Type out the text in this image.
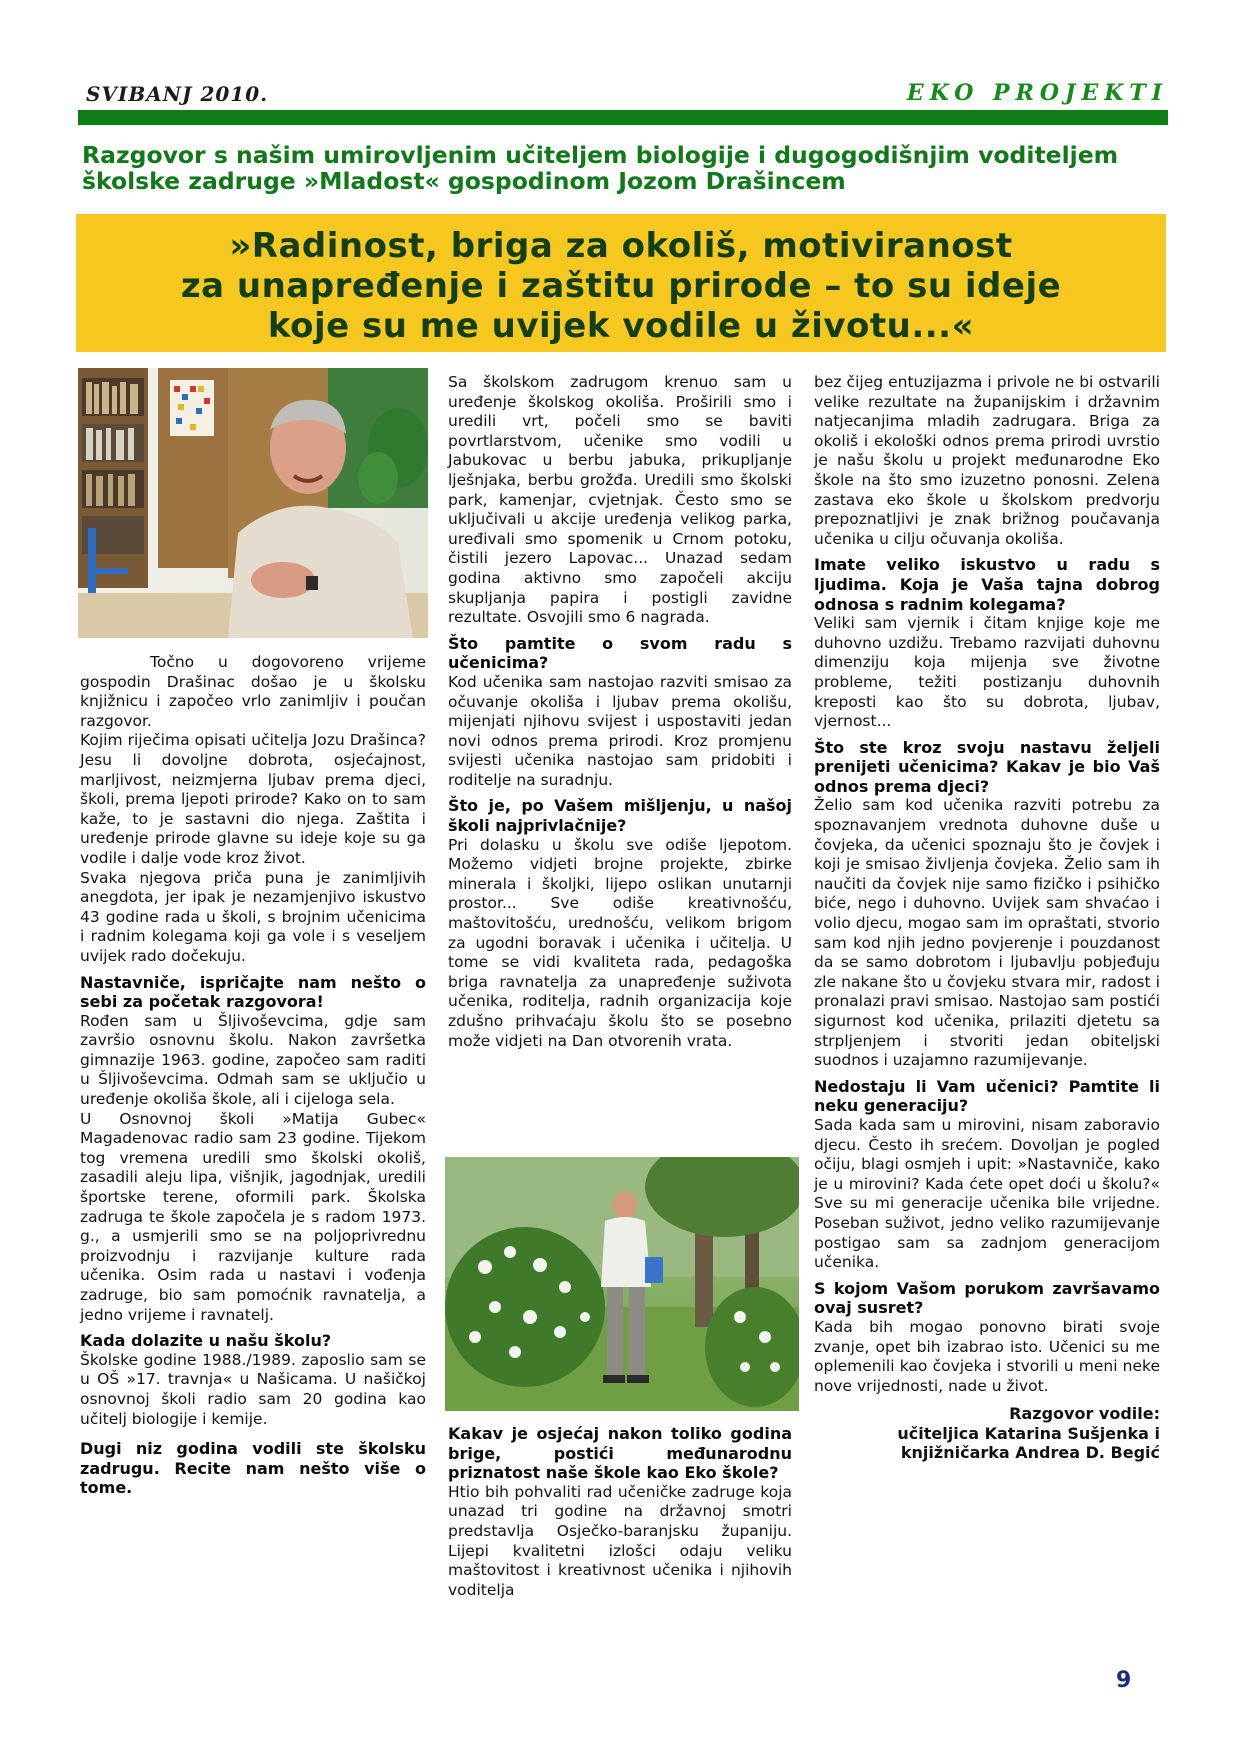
SVIBANJ 2010.	EKO PROJEKTI
Razgovor s našim umirovljenim učiteljem biologije i dugogodišnjim voditeljem školske zadruge »Mladost« gospodinom Jozom Drašincem
»Radinost, briga za okoliš, motiviranost
za unapređenje i zaštitu prirode – to su ideje
koje su me uvijek vodile u životu...«

Točno u dogovoreno vrijeme gospodin Drašinac došao je u školsku knjižnicu i započeo vrlo zanimljiv i poučan razgovor.

Kojim riječima opisati učitelja Jozu Drašinca? Jesu li dovoljne dobrota, osjećajnost, marljivost, neizmjerna ljubav prema djeci, školi, prema ljepoti prirode? Kako on to sam kaže, to je sastavni dio njega. Zaštita i uređenje prirode glavne su ideje koje su ga vodile i dalje vode kroz život.

Svaka njegova priča puna je zanimljivih anegdota, jer ipak je nezamjenjivo iskustvo 43 godine rada u školi, s brojnim učenicima i radnim kolegama koji ga vole i s veseljem uvijek rado dočekuju.

Nastavniče, ispričajte nam nešto o sebi za početak razgovora!

Rođen sam u Šljivoševcima, gdje sam završio osnovnu školu. Nakon završetka gimnazije 1963. godine, započeo sam raditi u Šljivoševcima. Odmah sam se uključio u uređenje okoliša škole, ali i cijeloga sela.

U Osnovnoj školi »Matija Gubec« Magadenovac radio sam 23 godine. Tijekom tog vremena uredili smo školski okoliš, zasadili aleju lipa, višnjik, jagodnjak, uredili športske terene, oformili park. Školska zadruga te škole započela je s radom 1973. g., a usmjerili smo se na poljoprivrednu proizvodnju i razvijanje kulture rada učenika. Osim rada u nastavi i vođenja zadruge, bio sam pomoćnik ravnatelja, a jedno vrijeme i ravnatelj.

Kada dolazite u našu školu?

Školske godine 1988./1989. zaposlio sam se u OŠ »17. travnja« u Našicama. U našičkoj osnovnoj školi radio sam 20 godina kao učitelj biologije i kemije.

Dugi niz godina vodili ste školsku zadrugu. Recite nam nešto više o tome.

Sa školskom zadrugom krenuo sam u uređenje školskog okoliša. Proširili smo i uredili vrt, počeli smo se baviti povrtlarstvom, učenike smo vodili u Jabukovac u berbu jabuka, prikupljanje lješnjaka, berbu grožđa. Uredili smo školski park, kamenjar, cvjetnjak. Često smo se uključivali u akcije uređenja velikog parka, uređivali smo spomenik u Crnom potoku, čistili jezero Lapovac... Unazad sedam godina aktivno smo započeli akciju skupljanja papira i postigli zavidne rezultate. Osvojili smo 6 nagrada.

Što pamtite o svom radu s učenicima?

Kod učenika sam nastojao razviti smisao za očuvanje okoliša i ljubav prema okolišu, mijenjati njihovu svijest i uspostaviti jedan novi odnos prema prirodi. Kroz promjenu svijesti učenika nastojao sam pridobiti i roditelje na suradnju.

Što je, po Vašem mišljenju, u našoj školi najprivlačnije?

Pri dolasku u školu sve odiše ljepotom. Možemo vidjeti brojne projekte, zbirke minerala i školjki, lijepo oslikan unutarnji prostor... Sve odiše kreativnošću, maštovitošću, urednošću, velikom brigom za ugodni boravak i učenika i učitelja. U tome se vidi kvaliteta rada, pedagoška briga ravnatelja za unapređenje suživota učenika, roditelja, radnih organizacija koje zdušno prihvaćaju školu što se posebno može vidjeti na Dan otvorenih vrata.

Kakav je osjećaj nakon toliko godina brige, postići međunarodnu priznatost naše škole kao Eko škole?

Htio bih pohvaliti rad učeničke zadruge koja unazad tri godine na državnoj smotri predstavlja Osječko-baranjsku županiju. Lijepi kvalitetni izlošci odaju veliku maštovitost i kreativnost učenika i njihovih voditelja

bez čijeg entuzijazma i privole ne bi ostvarili velike rezultate na županijskim i državnim natjecanjima mladih zadrugara. Briga za okoliš i ekološki odnos prema prirodi uvrstio je našu školu u projekt međunarodne Eko škole na što smo izuzetno ponosni. Zelena zastava eko škole u školskom predvorju prepoznatljivi je znak brižnog poučavanja učenika u cilju očuvanja okoliša.

Imate veliko iskustvo u radu s ljudima. Koja je Vaša tajna dobrog odnosa s radnim kolegama?

Veliki sam vjernik i čitam knjige koje me duhovno uzdižu. Trebamo razvijati duhovnu dimenziju koja mijenja sve životne probleme, težiti postizanju duhovnih kreposti kao što su dobrota, ljubav, vjernost...

Što ste kroz svoju nastavu željeli prenijeti učenicima? Kakav je bio Vaš odnos prema djeci?

Želio sam kod učenika razviti potrebu za spoznavanjem vrednota duhovne duše u čovjeka, da učenici spoznaju što je čovjek i koji je smisao življenja čovjeka. Želio sam ih naučiti da čovjek nije samo fizičko i psihičko biće, nego i duhovno. Uvijek sam shvaćao i volio djecu, mogao sam im opraštati, stvorio sam kod njih jedno povjerenje i pouzdanost da se samo dobrotom i ljubavlju pobjeđuju zle nakane što u čovjeku stvara mir, radost i pronalazi pravi smisao. Nastojao sam postići sigurnost kod učenika, prilaziti djetetu sa strpljenjem i stvoriti jedan obiteljski suodnos i uzajamno razumijevanje.

Nedostaju li Vam učenici? Pamtite li neku generaciju?

Sada kada sam u mirovini, nisam zaboravio djecu. Često ih srećem. Dovoljan je pogled očiju, blagi osmjeh i upit: »Nastavniče, kako je u mirovini? Kada ćete opet doći u školu?« Sve su mi generacije učenika bile vrijedne. Poseban suživot, jedno veliko razumijevanje postigao sam sa zadnjom generacijom učenika.

S kojom Vašom porukom završavamo ovaj susret?

Kada bih mogao ponovno birati svoje zvanje, opet bih izabrao isto. Učenici su me oplemenili kao čovjeka i stvorili u meni neke nove vrijednosti, nade u život.

Razgovor vodile:
učiteljica Katarina Sušjenka i
knjižničarka Andrea D. Begić
9
